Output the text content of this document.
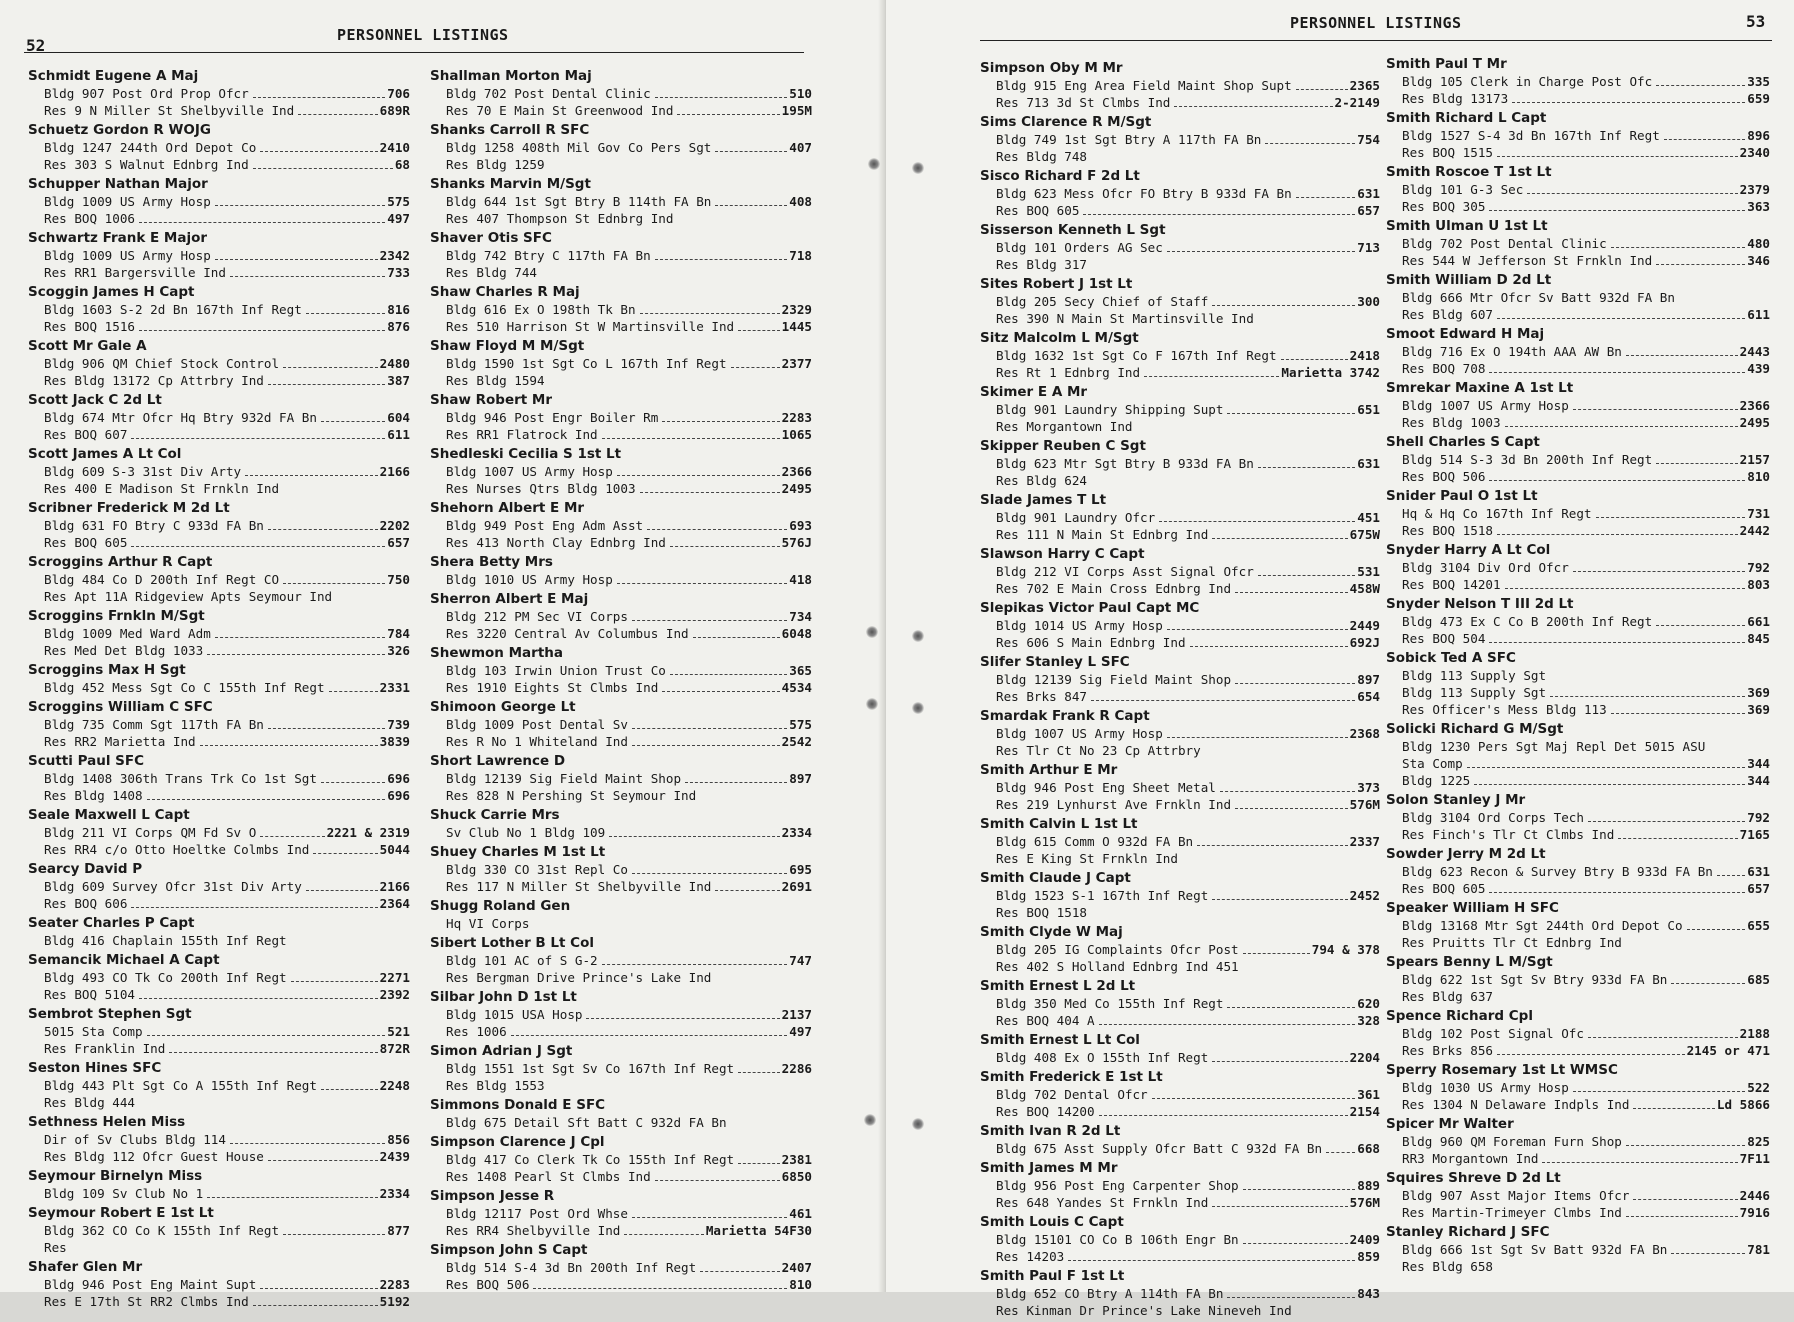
52
PERSONNEL LISTINGS
Schmidt Eugene A Maj
Bldg 907 Post Ord Prop Ofcr	706
Res 9 N Miller St Shelbyville Ind	689R
Schuetz Gordon R WOJG
Bldg 1247 244th Ord Depot Co	2410
Res 303 S Walnut Ednbrg Ind	68
Schupper Nathan Major
Bldg 1009 US Army Hosp	575
Res BOQ 1006	497
Schwartz Frank E Major
Bldg 1009 US Army Hosp	2342
Res RR1 Bargersville Ind	733
Scoggin James H Capt
Bldg 1603 S-2 2d Bn 167th Inf Regt	816
Res BOQ 1516	876
Scott Mr Gale A
Bldg 906 QM Chief Stock Control	2480
Res Bldg 13172 Cp Attrbry Ind	387
Scott Jack C 2d Lt
Bldg 674 Mtr Ofcr Hq Btry 932d FA Bn	604
Res BOQ 607	611
Scott James A Lt Col
Bldg 609 S-3 31st Div Arty	2166
Res 400 E Madison St Frnkln Ind
Scribner Frederick M 2d Lt
Bldg 631 FO Btry C 933d FA Bn	2202
Res BOQ 605	657
Scroggins Arthur R Capt
Bldg 484 Co D 200th Inf Regt CO	750
Res Apt 11A Ridgeview Apts Seymour Ind
Scroggins Frnkln M/Sgt
Bldg 1009 Med Ward Adm	784
Res Med Det Bldg 1033	326
Scroggins Max H Sgt
Bldg 452 Mess Sgt Co C 155th Inf Regt	2331
Scroggins William C SFC
Bldg 735 Comm Sgt 117th FA Bn	739
Res RR2 Marietta Ind	3839
Scutti Paul SFC
Bldg 1408 306th Trans Trk Co 1st Sgt	696
Res Bldg 1408	696
Seale Maxwell L Capt
Bldg 211 VI Corps QM Fd Sv O	2221 & 2319
Res RR4 c/o Otto Hoeltke Colmbs Ind	5044
Searcy David P
Bldg 609 Survey Ofcr 31st Div Arty	2166
Res BOQ 606	2364
Seater Charles P Capt
Bldg 416 Chaplain 155th Inf Regt
Semancik Michael A Capt
Bldg 493 CO Tk Co 200th Inf Regt	2271
Res BOQ 5104	2392
Sembrot Stephen Sgt
5015 Sta Comp	521
Res Franklin Ind	872R
Seston Hines SFC
Bldg 443 Plt Sgt Co A 155th Inf Regt	2248
Res Bldg 444
Sethness Helen Miss
Dir of Sv Clubs Bldg 114	856
Res Bldg 112 Ofcr Guest House	2439
Seymour Birnelyn Miss
Bldg 109 Sv Club No 1	2334
Seymour Robert E 1st Lt
Bldg 362 CO Co K 155th Inf Regt	877
Res
Shafer Glen Mr
Bldg 946 Post Eng Maint Supt	2283
Res E 17th St RR2 Clmbs Ind	5192
Shallman Morton Maj
Bldg 702 Post Dental Clinic	510
Res 70 E Main St Greenwood Ind	195M
Shanks Carroll R SFC
Bldg 1258 408th Mil Gov Co Pers Sgt	407
Res Bldg 1259
Shanks Marvin M/Sgt
Bldg 644 1st Sgt Btry B 114th FA Bn	408
Res 407 Thompson St Ednbrg Ind
Shaver Otis SFC
Bldg 742 Btry C 117th FA Bn	718
Res Bldg 744
Shaw Charles R Maj
Bldg 616 Ex O 198th Tk Bn	2329
Res 510 Harrison St W Martinsville Ind	1445
Shaw Floyd M M/Sgt
Bldg 1590 1st Sgt Co L 167th Inf Regt	2377
Res Bldg 1594
Shaw Robert Mr
Bldg 946 Post Engr Boiler Rm	2283
Res RR1 Flatrock Ind	1065
Shedleski Cecilia S 1st Lt
Bldg 1007 US Army Hosp	2366
Res Nurses Qtrs Bldg 1003	2495
Shehorn Albert E Mr
Bldg 949 Post Eng Adm Asst	693
Res 413 North Clay Ednbrg Ind	576J
Shera Betty Mrs
Bldg 1010 US Army Hosp	418
Sherron Albert E Maj
Bldg 212 PM Sec VI Corps	734
Res 3220 Central Av Columbus Ind	6048
Shewmon Martha
Bldg 103 Irwin Union Trust Co	365
Res 1910 Eights St Clmbs Ind	4534
Shimoon George Lt
Bldg 1009 Post Dental Sv	575
Res R No 1 Whiteland Ind	2542
Short Lawrence D
Bldg 12139 Sig Field Maint Shop	897
Res 828 N Pershing St Seymour Ind
Shuck Carrie Mrs
Sv Club No 1 Bldg 109	2334
Shuey Charles M 1st Lt
Bldg 330 CO 31st Repl Co	695
Res 117 N Miller St Shelbyville Ind	2691
Shugg Roland Gen
Hq VI Corps
Sibert Lother B Lt Col
Bldg 101 AC of S G-2	747
Res Bergman Drive Prince's Lake Ind
Silbar John D 1st Lt
Bldg 1015 USA Hosp	2137
Res 1006	497
Simon Adrian J Sgt
Bldg 1551 1st Sgt Sv Co 167th Inf Regt	2286
Res Bldg 1553
Simmons Donald E SFC
Bldg 675 Detail Sft Batt C 932d FA Bn
Simpson Clarence J Cpl
Bldg 417 Co Clerk Tk Co 155th Inf Regt	2381
Res 1408 Pearl St Clmbs Ind	6850
Simpson Jesse R
Bldg 12117 Post Ord Whse	461
Res RR4 Shelbyville Ind	Marietta 54F30
Simpson John S Capt
Bldg 514 S-4 3d Bn 200th Inf Regt	2407
Res BOQ 506	810
PERSONNEL LISTINGS	53
Simpson Oby M Mr
Bldg 915 Eng Area Field Maint Shop Supt	2365
Res 713 3d St Clmbs Ind	2-2149
Sims Clarence R M/Sgt
Bldg 749 1st Sgt Btry A 117th FA Bn	754
Res Bldg 748
Sisco Richard F 2d Lt
Bldg 623 Mess Ofcr FO Btry B 933d FA Bn	631
Res BOQ 605	657
Sisserson Kenneth L Sgt
Bldg 101 Orders AG Sec	713
Res Bldg 317
Sites Robert J 1st Lt
Bldg 205 Secy Chief of Staff	300
Res 390 N Main St Martinsville Ind
Sitz Malcolm L M/Sgt
Bldg 1632 1st Sgt Co F 167th Inf Regt	2418
Res Rt 1 Ednbrg Ind	Marietta 3742
Skimer E A Mr
Bldg 901 Laundry Shipping Supt	651
Res Morgantown Ind
Skipper Reuben C Sgt
Bldg 623 Mtr Sgt Btry B 933d FA Bn	631
Res Bldg 624
Slade James T Lt
Bldg 901 Laundry Ofcr	451
Res 111 N Main St Ednbrg Ind	675W
Slawson Harry C Capt
Bldg 212 VI Corps Asst Signal Ofcr	531
Res 702 E Main Cross Ednbrg Ind	458W
Slepikas Victor Paul Capt MC
Bldg 1014 US Army Hosp	2449
Res 606 S Main Ednbrg Ind	692J
Slifer Stanley L SFC
Bldg 12139 Sig Field Maint Shop	897
Res Brks 847	654
Smardak Frank R Capt
Bldg 1007 US Army Hosp	2368
Res Tlr Ct No 23 Cp Attrbry
Smith Arthur E Mr
Bldg 946 Post Eng Sheet Metal	373
Res 219 Lynhurst Ave Frnkln Ind	576M
Smith Calvin L 1st Lt
Bldg 615 Comm O 932d FA Bn	2337
Res E King St Frnkln Ind
Smith Claude J Capt
Bldg 1523 S-1 167th Inf Regt	2452
Res BOQ 1518
Smith Clyde W Maj
Bldg 205 IG Complaints Ofcr Post	794 & 378
Res 402 S Holland Ednbrg Ind 451
Smith Ernest L 2d Lt
Bldg 350 Med Co 155th Inf Regt	620
Res BOQ 404 A	328
Smith Ernest L Lt Col
Bldg 408 Ex O 155th Inf Regt	2204
Smith Frederick E 1st Lt
Bldg 702 Dental Ofcr	361
Res BOQ 14200	2154
Smith Ivan R 2d Lt
Bldg 675 Asst Supply Ofcr Batt C 932d FA Bn	668
Smith James M Mr
Bldg 956 Post Eng Carpenter Shop	889
Res 648 Yandes St Frnkln Ind	576M
Smith Louis C Capt
Bldg 15101 CO Co B 106th Engr Bn	2409
Res 14203	859
Smith Paul F 1st Lt
Bldg 652 CO Btry A 114th FA Bn	843
Res Kinman Dr Prince's Lake Nineveh Ind
Smith Paul T Mr
Bldg 105 Clerk in Charge Post Ofc	335
Res Bldg 13173	659
Smith Richard L Capt
Bldg 1527 S-4 3d Bn 167th Inf Regt	896
Res BOQ 1515	2340
Smith Roscoe T 1st Lt
Bldg 101 G-3 Sec	2379
Res BOQ 305	363
Smith Ulman U 1st Lt
Bldg 702 Post Dental Clinic	480
Res 544 W Jefferson St Frnkln Ind	346
Smith William D 2d Lt
Bldg 666 Mtr Ofcr Sv Batt 932d FA Bn
Res Bldg 607	611
Smoot Edward H Maj
Bldg 716 Ex O 194th AAA AW Bn	2443
Res BOQ 708	439
Smrekar Maxine A 1st Lt
Bldg 1007 US Army Hosp	2366
Res Bldg 1003	2495
Shell Charles S Capt
Bldg 514 S-3 3d Bn 200th Inf Regt	2157
Res BOQ 506	810
Snider Paul O 1st Lt
Hq & Hq Co 167th Inf Regt	731
Res BOQ 1518	2442
Snyder Harry A Lt Col
Bldg 3104 Div Ord Ofcr	792
Res BOQ 14201	803
Snyder Nelson T III 2d Lt
Bldg 473 Ex C Co B 200th Inf Regt	661
Res BOQ 504	845
Sobick Ted A SFC
Bldg 113 Supply Sgt
Bldg 113 Supply Sgt	369
Res Officer's Mess Bldg 113	369
Solicki Richard G M/Sgt
Bldg 1230 Pers Sgt Maj Repl Det 5015 ASU
Sta Comp	344
Bldg 1225	344
Solon Stanley J Mr
Bldg 3104 Ord Corps Tech	792
Res Finch's Tlr Ct Clmbs Ind	7165
Sowder Jerry M 2d Lt
Bldg 623 Recon & Survey Btry B 933d FA Bn	631
Res BOQ 605	657
Speaker William H SFC
Bldg 13168 Mtr Sgt 244th Ord Depot Co	655
Res Pruitts Tlr Ct Ednbrg Ind
Spears Benny L M/Sgt
Bldg 622 1st Sgt Sv Btry 933d FA Bn	685
Res Bldg 637
Spence Richard Cpl
Bldg 102 Post Signal Ofc	2188
Res Brks 856	2145 or 471
Sperry Rosemary 1st Lt WMSC
Bldg 1030 US Army Hosp	522
Res 1304 N Delaware Indpls Ind	Ld 5866
Spicer Mr Walter
Bldg 960 QM Foreman Furn Shop	825
RR3 Morgantown Ind	7F11
Squires Shreve D 2d Lt
Bldg 907 Asst Major Items Ofcr	2446
Res Martin-Trimeyer Clmbs Ind	7916
Stanley Richard J SFC
Bldg 666 1st Sgt Sv Batt 932d FA Bn	781
Res Bldg 658
